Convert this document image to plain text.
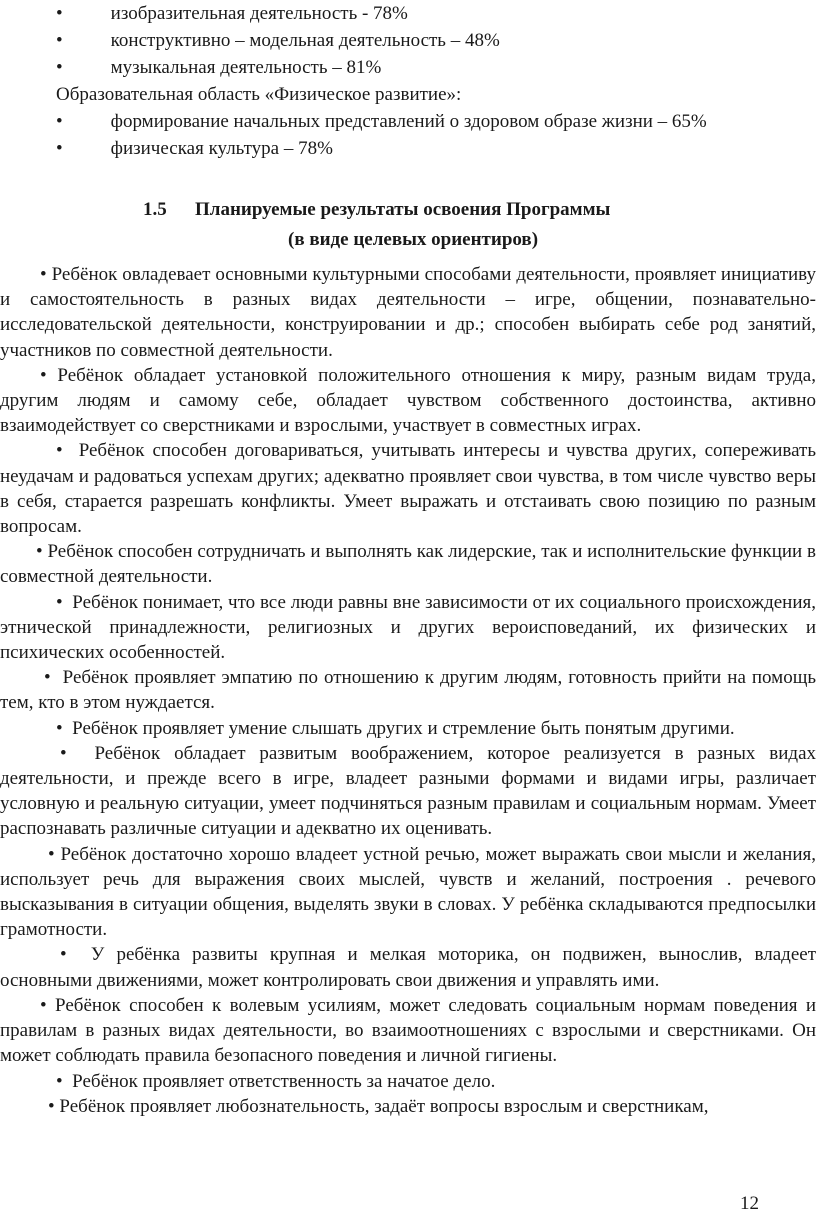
•	изобразительная деятельность - 78%
•	конструктивно – модельная деятельность – 48%
•	музыкальная деятельность – 81%
Образовательная область «Физическое развитие»:
•	формирование начальных представлений о здоровом образе жизни – 65%
•	физическая культура – 78%
1.5 Планируемые результаты освоения Программы
(в виде целевых ориентиров)

• Ребёнок овладевает основными культурными способами деятельности, проявляет инициативу и самостоятельность в разных видах деятельности – игре, общении, познавательно-исследовательской деятельности, конструировании и др.; способен выбирать себе род занятий, участников по совместной деятельности.

• Ребёнок обладает установкой положительного отношения к миру, разным видам труда, другим людям и самому себе, обладает чувством собственного достоинства, активно взаимодействует со сверстниками и взрослыми, участвует в совместных играх.

• Ребёнок способен договариваться, учитывать интересы и чувства других, сопереживать неудачам и радоваться успехам других; адекватно проявляет свои чувства, в том числе чувство веры в себя, старается разрешать конфликты. Умеет выражать и отстаивать свою позицию по разным вопросам.

• Ребёнок способен сотрудничать и выполнять как лидерские, так и исполнительские функции в совместной деятельности.

• Ребёнок понимает, что все люди равны вне зависимости от их социального происхождения, этнической принадлежности, религиозных и других вероисповеданий, их физических и психических особенностей.

• Ребёнок проявляет эмпатию по отношению к другим людям, готовность прийти на помощь тем, кто в этом нуждается.

• Ребёнок проявляет умение слышать других и стремление быть понятым другими.

• Ребёнок обладает развитым воображением, которое реализуется в разных видах деятельности, и прежде всего в игре, владеет разными формами и видами игры, различает условную и реальную ситуации, умеет подчиняться разным правилам и социальным нормам. Умеет распознавать различные ситуации и адекватно их оценивать.

• Ребёнок достаточно хорошо владеет устной речью, может выражать свои мысли и желания, использует речь для выражения своих мыслей, чувств и желаний, построения . речевого высказывания в ситуации общения, выделять звуки в словах. У ребёнка складываются предпосылки грамотности.

• У ребёнка развиты крупная и мелкая моторика, он подвижен, вынослив, владеет основными движениями, может контролировать свои движения и управлять ими.

• Ребёнок способен к волевым усилиям, может следовать социальным нормам поведения и правилам в разных видах деятельности, во взаимоотношениях с взрослыми и сверстниками. Он может соблюдать правила безопасного поведения и личной гигиены.

• Ребёнок проявляет ответственность за начатое дело.

• Ребёнок проявляет любознательность, задаёт вопросы взрослым и сверстникам,

12
